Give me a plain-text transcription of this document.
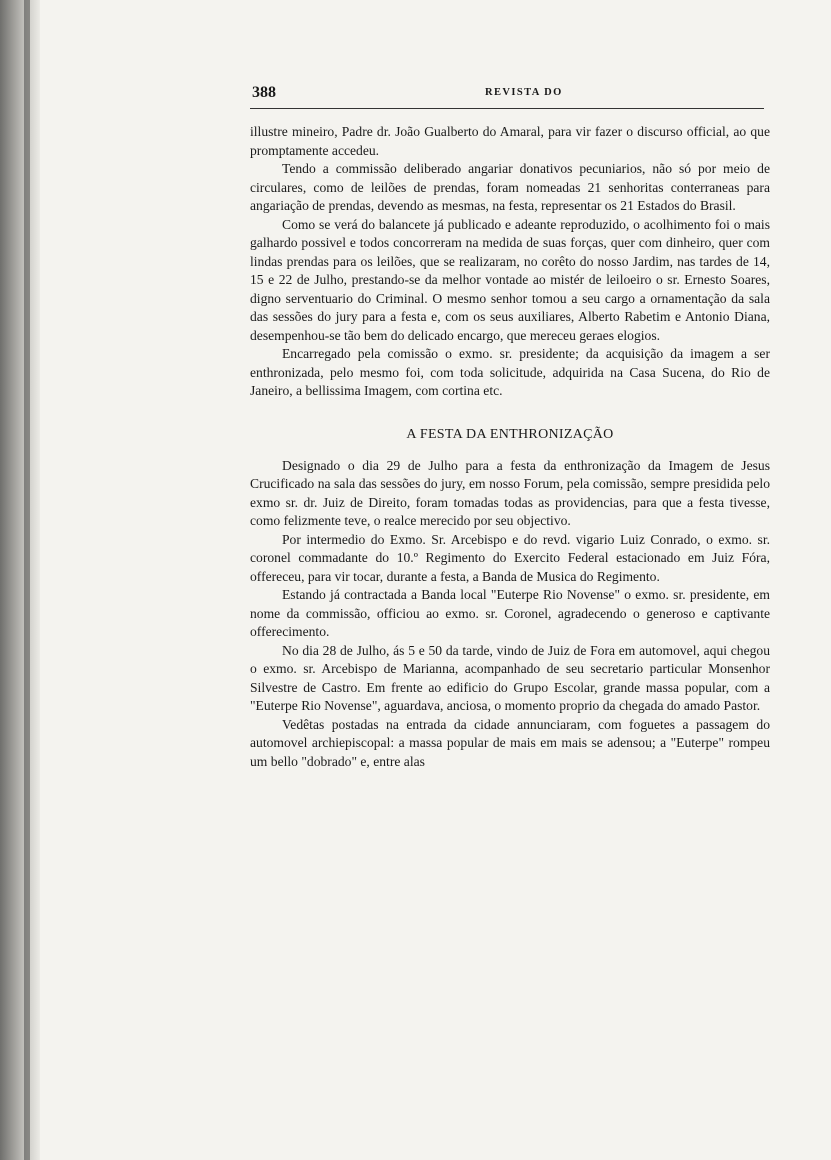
388	REVISTA DO

illustre mineiro, Padre dr. João Gualberto do Amaral, para vir fazer o discurso official, ao que promptamente accedeu.

Tendo a commissão deliberado angariar donativos pecuniarios, não só por meio de circulares, como de leilões de prendas, foram nomeadas 21 senhoritas conterraneas para angariação de prendas, devendo as mesmas, na festa, representar os 21 Estados do Brasil.

Como se verá do balancete já publicado e adeante reproduzido, o acolhimento foi o mais galhardo possivel e todos concorreram na medida de suas forças, quer com dinheiro, quer com lindas prendas para os leilões, que se realizaram, no corêto do nosso Jardim, nas tardes de 14, 15 e 22 de Julho, prestando-se da melhor vontade ao mistér de leiloeiro o sr. Ernesto Soares, digno serventuario do Criminal. O mesmo senhor tomou a seu cargo a ornamentação da sala das sessões do jury para a festa e, com os seus auxiliares, Alberto Rabetim e Antonio Diana, desempenhou-se tão bem do delicado encargo, que mereceu geraes elogios.

Encarregado pela comissão o exmo. sr. presidente; da acquisição da imagem a ser enthronizada, pelo mesmo foi, com toda solicitude, adquirida na Casa Sucena, do Rio de Janeiro, a bellissima Imagem, com cortina etc.

A FESTA DA ENTHRONIZAÇÃO

Designado o dia 29 de Julho para a festa da enthronização da Imagem de Jesus Crucificado na sala das sessões do jury, em nosso Forum, pela comissão, sempre presidida pelo exmo sr. dr. Juiz de Direito, foram tomadas todas as providencias, para que a festa tivesse, como felizmente teve, o realce merecido por seu objectivo.

Por intermedio do Exmo. Sr. Arcebispo e do revd. vigario Luiz Conrado, o exmo. sr. coronel commadante do 10.º Regimento do Exercito Federal estacionado em Juiz Fóra, offereceu, para vir tocar, durante a festa, a Banda de Musica do Regimento.

Estando já contractada a Banda local "Euterpe Rio Novense" o exmo. sr. presidente, em nome da commissão, officiou ao exmo. sr. Coronel, agradecendo o generoso e captivante offerecimento.

No dia 28 de Julho, ás 5 e 50 da tarde, vindo de Juiz de Fora em automovel, aqui chegou o exmo. sr. Arcebispo de Marianna, acompanhado de seu secretario particular Monsenhor Silvestre de Castro. Em frente ao edificio do Grupo Escolar, grande massa popular, com a "Euterpe Rio Novense", aguardava, anciosa, o momento proprio da chegada do amado Pastor.

Vedêtas postadas na entrada da cidade annunciaram, com foguetes a passagem do automovel archiepiscopal: a massa popular de mais em mais se adensou; a "Euterpe" rompeu um bello "dobrado" e, entre alas
